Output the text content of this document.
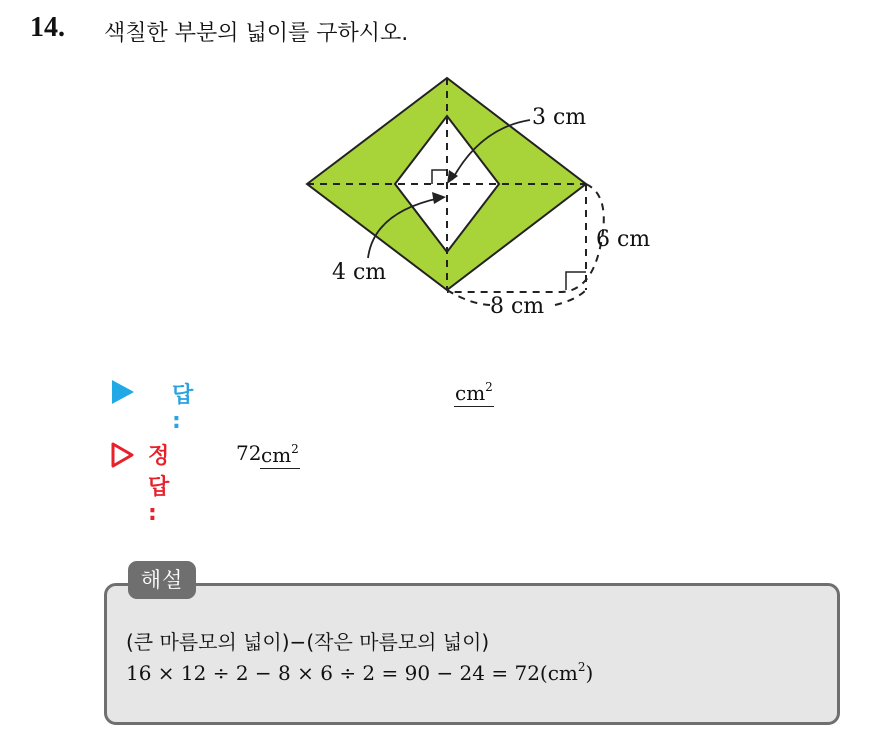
14. 색칠한 부분의 넓이를 구하시오.
3 cm
4 cm
6 cm
8 cm
답 :
$cm^2$
정답 :
72 $cm^2$
해설
(큰 마름모의 넓이)−(작은 마름모의 넓이)
$16 \times 12 \div 2 - 8 \times 6 \div 2 = 90 - 24 = 72(cm^2)$
